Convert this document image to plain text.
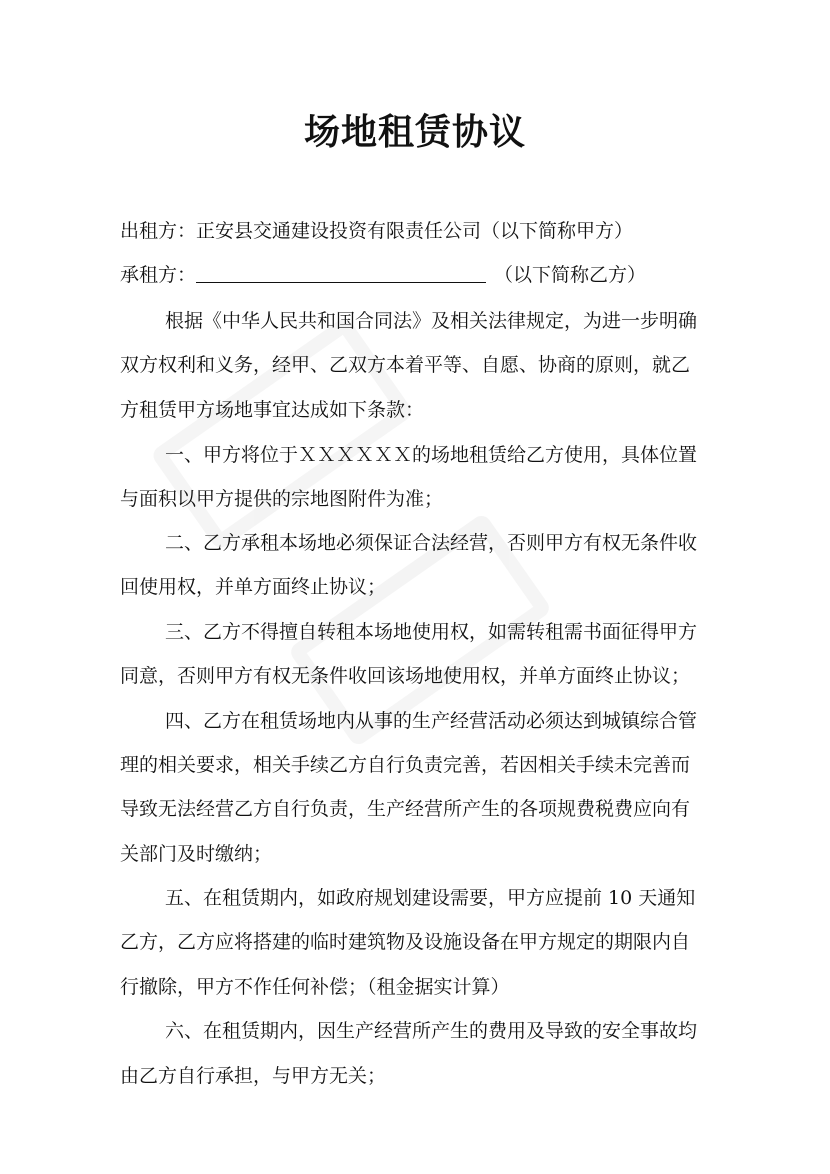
场地租赁协议
出租方：正安县交通建设投资有限责任公司（以下简称甲方）
承租方：	（以下简称乙方）
根据《中华人民共和国合同法》及相关法律规定，为进一步明确
双方权利和义务，经甲、乙双方本着平等、自愿、协商的原则，就乙
方租赁甲方场地事宜达成如下条款：
一、甲方将位于ＸＸＸＸＸＸ的场地租赁给乙方使用，具体位置
与面积以甲方提供的宗地图附件为准；
二、乙方承租本场地必须保证合法经营，否则甲方有权无条件收
回使用权，并单方面终止协议；
三、乙方不得擅自转租本场地使用权，如需转租需书面征得甲方
同意，否则甲方有权无条件收回该场地使用权，并单方面终止协议；
四、乙方在租赁场地内从事的生产经营活动必须达到城镇综合管
理的相关要求，相关手续乙方自行负责完善，若因相关手续未完善而
导致无法经营乙方自行负责，生产经营所产生的各项规费税费应向有
关部门及时缴纳；
五、在租赁期内，如政府规划建设需要，甲方应提前 10 天通知
乙方，乙方应将搭建的临时建筑物及设施设备在甲方规定的期限内自
行撤除，甲方不作任何补偿；（租金据实计算）
六、在租赁期内，因生产经营所产生的费用及导致的安全事故均
由乙方自行承担，与甲方无关；
